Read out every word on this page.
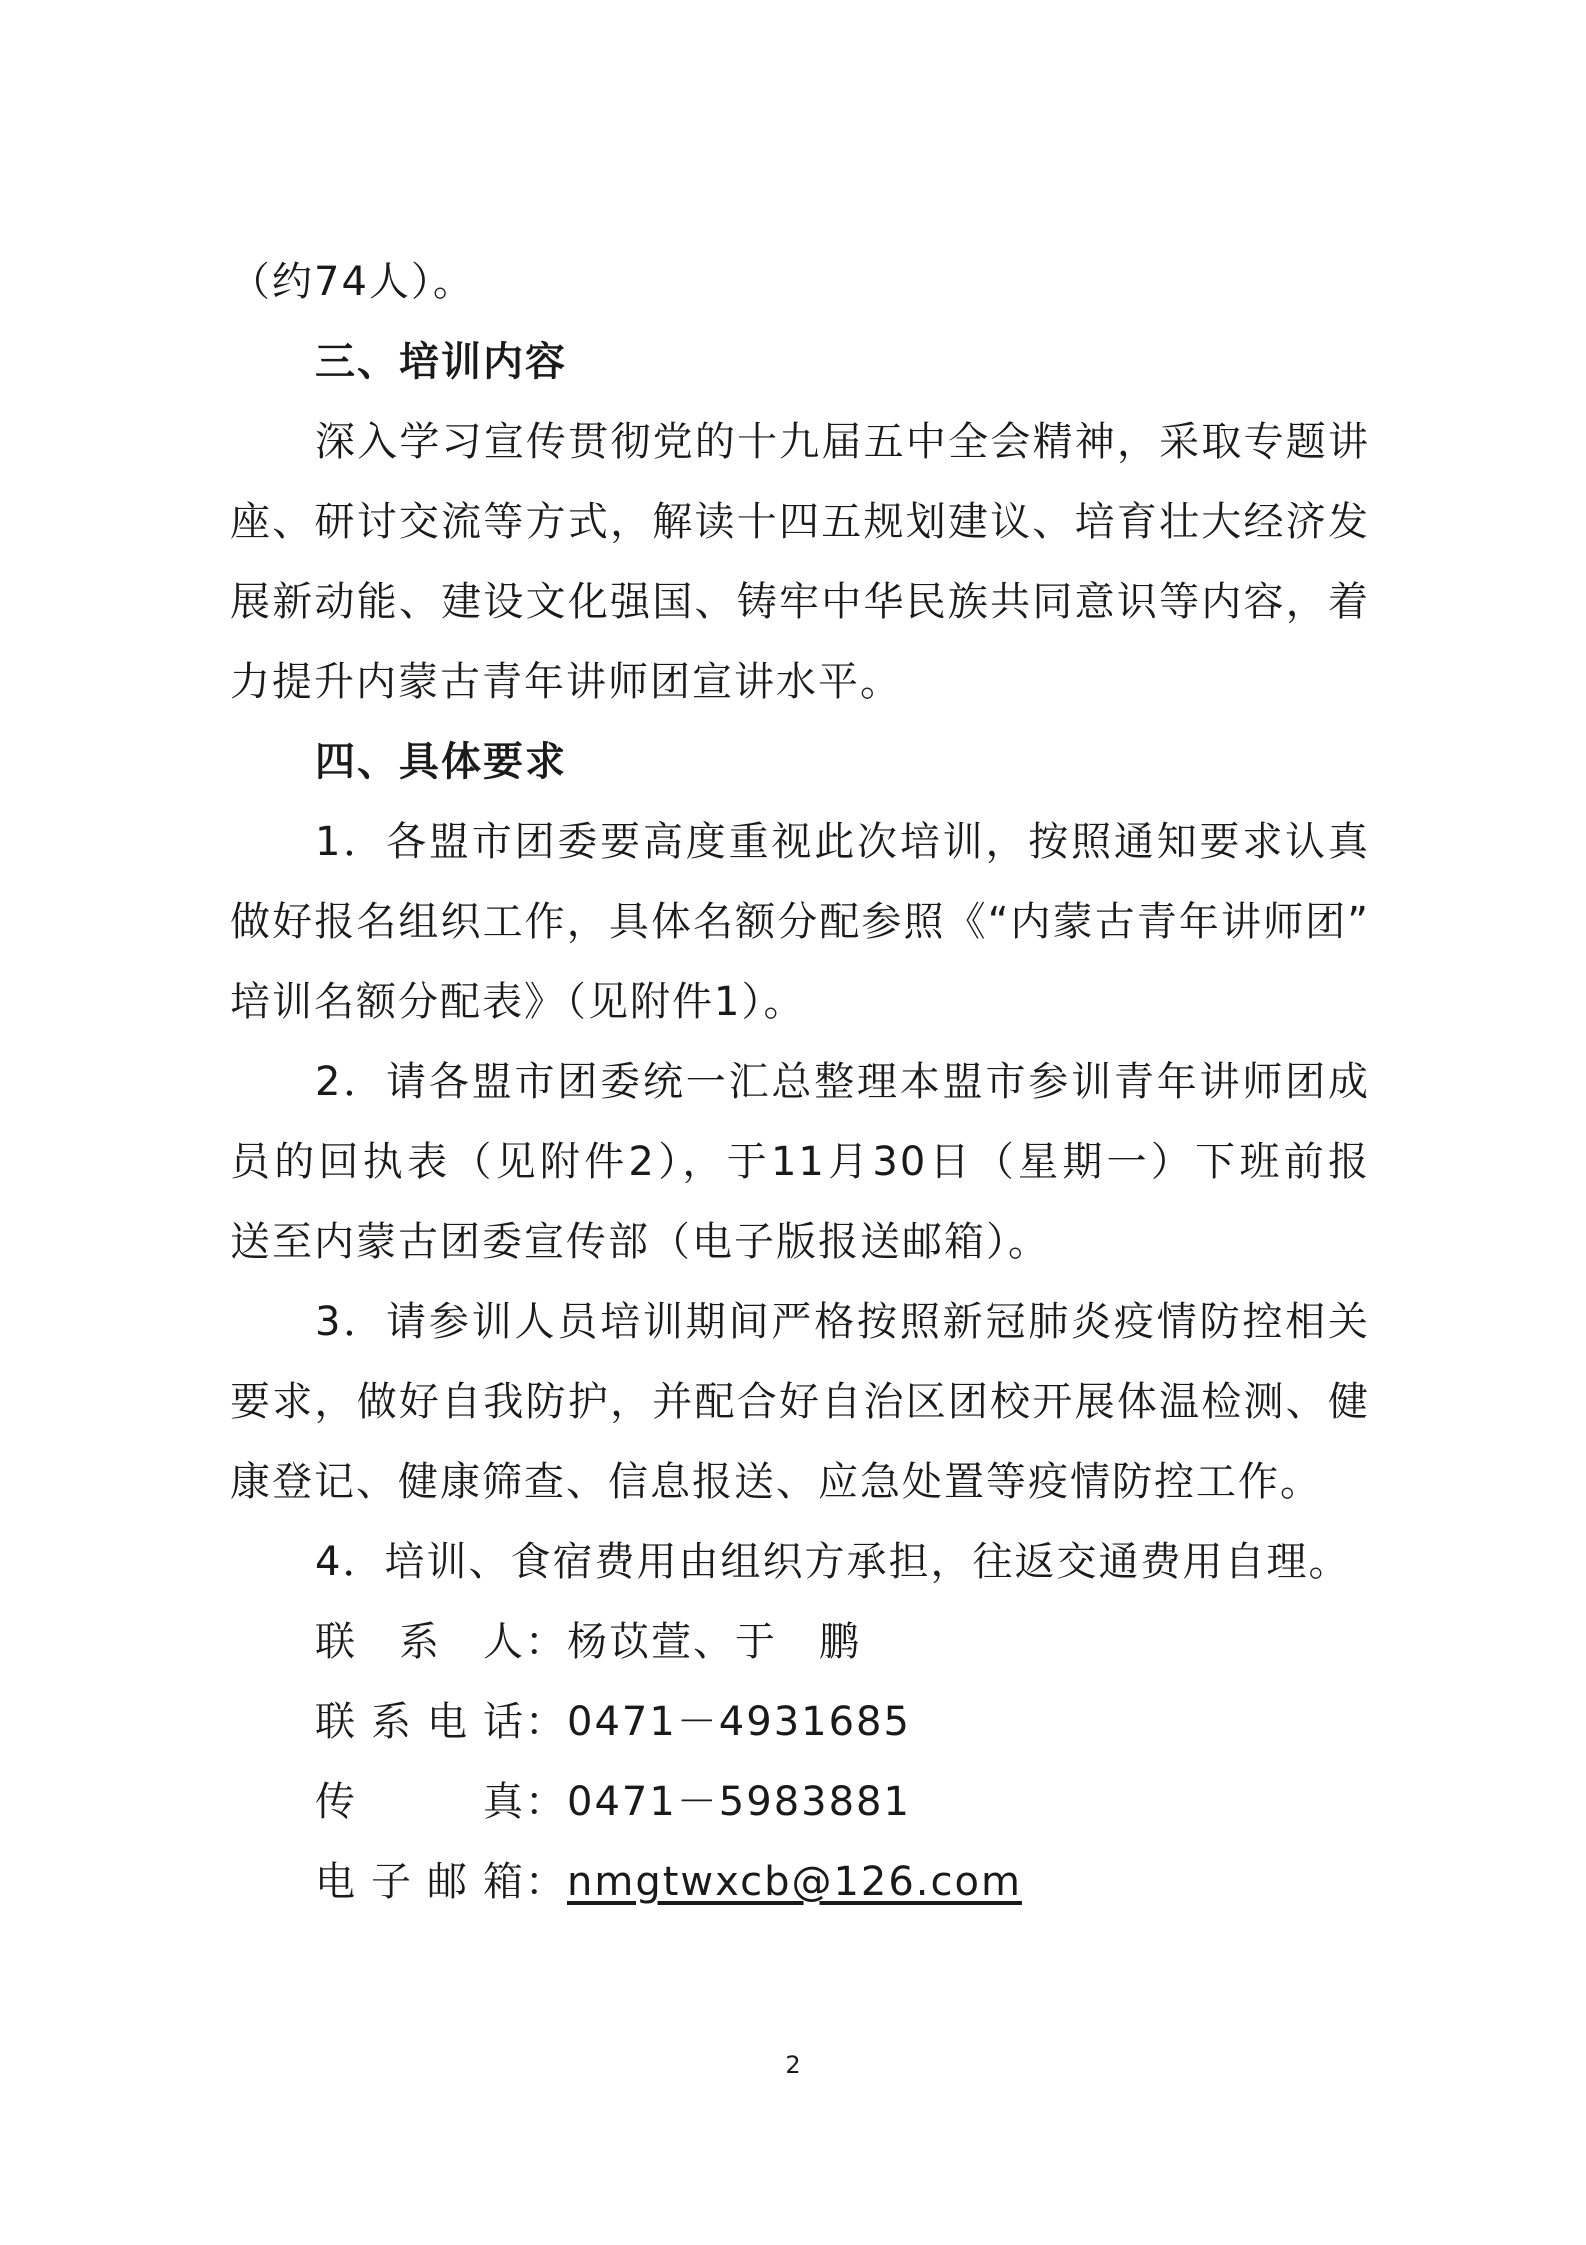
（约74人）。
三、培训内容
深入学习宣传贯彻党的十九届五中全会精神，采取专题讲
座、研讨交流等方式，解读十四五规划建议、培育壮大经济发
展新动能、建设文化强国、铸牢中华民族共同意识等内容，着
力提升内蒙古青年讲师团宣讲水平。
四、具体要求
1．各盟市团委要高度重视此次培训，按照通知要求认真
做好报名组织工作，具体名额分配参照《“内蒙古青年讲师团”
培训名额分配表》（见附件1）。
2．请各盟市团委统一汇总整理本盟市参训青年讲师团成
员的回执表（见附件2），于11月30日（星期一）下班前报
送至内蒙古团委宣传部（电子版报送邮箱）。
3．请参训人员培训期间严格按照新冠肺炎疫情防控相关
要求，做好自我防护，并配合好自治区团校开展体温检测、健
康登记、健康筛查、信息报送、应急处置等疫情防控工作。
4．培训、食宿费用由组织方承担，往返交通费用自理。
联系人：杨苡萱、于　鹏
联系电话：0471－4931685
传真：0471－5983881
电子邮箱：nmgtwxcb@126.com
2
